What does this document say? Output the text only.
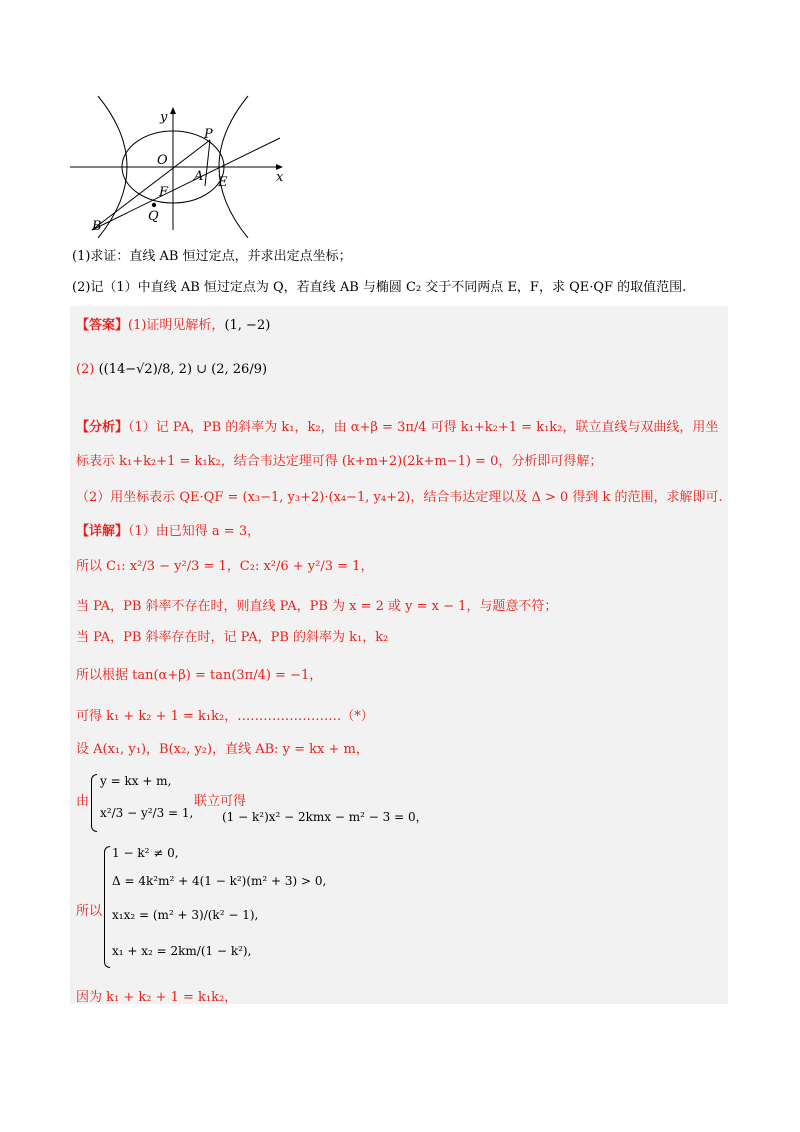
y
x
O
P
A E
F
Q
B
(1)求证：直线 AB 恒过定点，并求出定点坐标；
(2)记（1）中直线 AB 恒过定点为 Q，若直线 AB 与椭圆 C₂ 交于不同两点 E，F，求 QE·QF 的取值范围.
【答案】(1)证明见解析，(1, −2)
(2) ((14−√2)/8, 2) ∪ (2, 26/9)
【分析】（1）记 PA，PB 的斜率为 k₁，k₂，由 α+β = 3π/4 可得 k₁+k₂+1 = k₁k₂，联立直线与双曲线，用坐
标表示 k₁+k₂+1 = k₁k₂，结合韦达定理可得 (k+m+2)(2k+m−1) = 0，分析即可得解；
（2）用坐标表示 QE·QF = (x₃−1, y₃+2)·(x₄−1, y₄+2)，结合韦达定理以及 Δ > 0 得到 k 的范围，求解即可.
【详解】（1）由已知得 a = 3，
所以 C₁: x²/3 − y²/3 = 1，C₂: x²/6 + y²/3 = 1，
当 PA，PB 斜率不存在时，则直线 PA，PB 为 x = 2 或 y = x − 1，与题意不符；
当 PA，PB 斜率存在时，记 PA，PB 的斜率为 k₁，k₂
所以根据 tan(α+β) = tan(3π/4) = −1，
可得 k₁ + k₂ + 1 = k₁k₂，……………………（*）
设 A(x₁, y₁)，B(x₂, y₂)，直线 AB: y = kx + m，
由
y = kx + m,
x²/3 − y²/3 = 1,
联立可得
(1 − k²)x² − 2kmx − m² − 3 = 0，
所以
1 − k² ≠ 0,
Δ = 4k²m² + 4(1 − k²)(m² + 3) > 0,
x₁x₂ = (m² + 3)/(k² − 1),
x₁ + x₂ = 2km/(1 − k²),
因为 k₁ + k₂ + 1 = k₁k₂，
